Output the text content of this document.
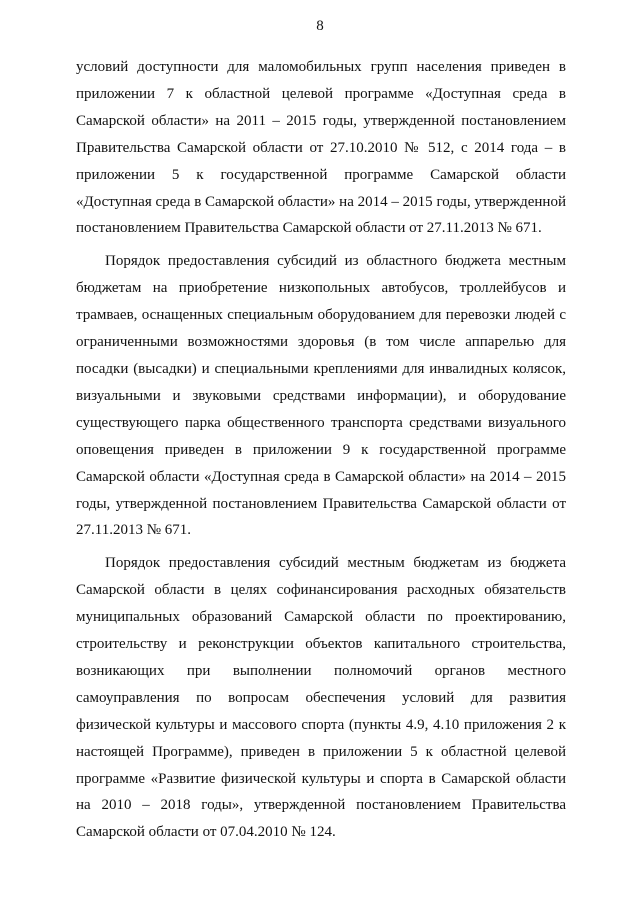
8

условий доступности для маломобильных групп населения приведен в приложении 7 к областной целевой программе «Доступная среда в Самарской области» на 2011 – 2015 годы, утвержденной постановлением Правительства Самарской области от 27.10.2010 № 512, с 2014 года – в приложении 5 к государственной программе Самарской области «Доступная среда в Самарской области» на 2014 – 2015 годы, утвержденной постановлением Правительства Самарской области от 27.11.2013 № 671.

Порядок предоставления субсидий из областного бюджета местным бюджетам на приобретение низкопольных автобусов, троллейбусов и трамваев, оснащенных специальным оборудованием для перевозки людей с ограниченными возможностями здоровья (в том числе аппарелью для посадки (высадки) и специальными креплениями для инвалидных колясок, визуальными и звуковыми средствами информации), и оборудование существующего парка общественного транспорта средствами визуального оповещения приведен в приложении 9 к государственной программе Самарской области «Доступная среда в Самарской области» на 2014 – 2015 годы, утвержденной постановлением Правительства Самарской области от 27.11.2013 № 671.

Порядок предоставления субсидий местным бюджетам из бюджета Самарской области в целях софинансирования расходных обязательств муниципальных образований Самарской области по проектированию, строительству и реконструкции объектов капитального строительства, возникающих при выполнении полномочий органов местного самоуправления по вопросам обеспечения условий для развития физической культуры и массового спорта (пункты 4.9, 4.10 приложения 2 к настоящей Программе), приведен в приложении 5 к областной целевой программе «Развитие физической культуры и спорта в Самарской области на 2010 – 2018 годы», утвержденной постановлением Правительства Самарской области от 07.04.2010 № 124.
